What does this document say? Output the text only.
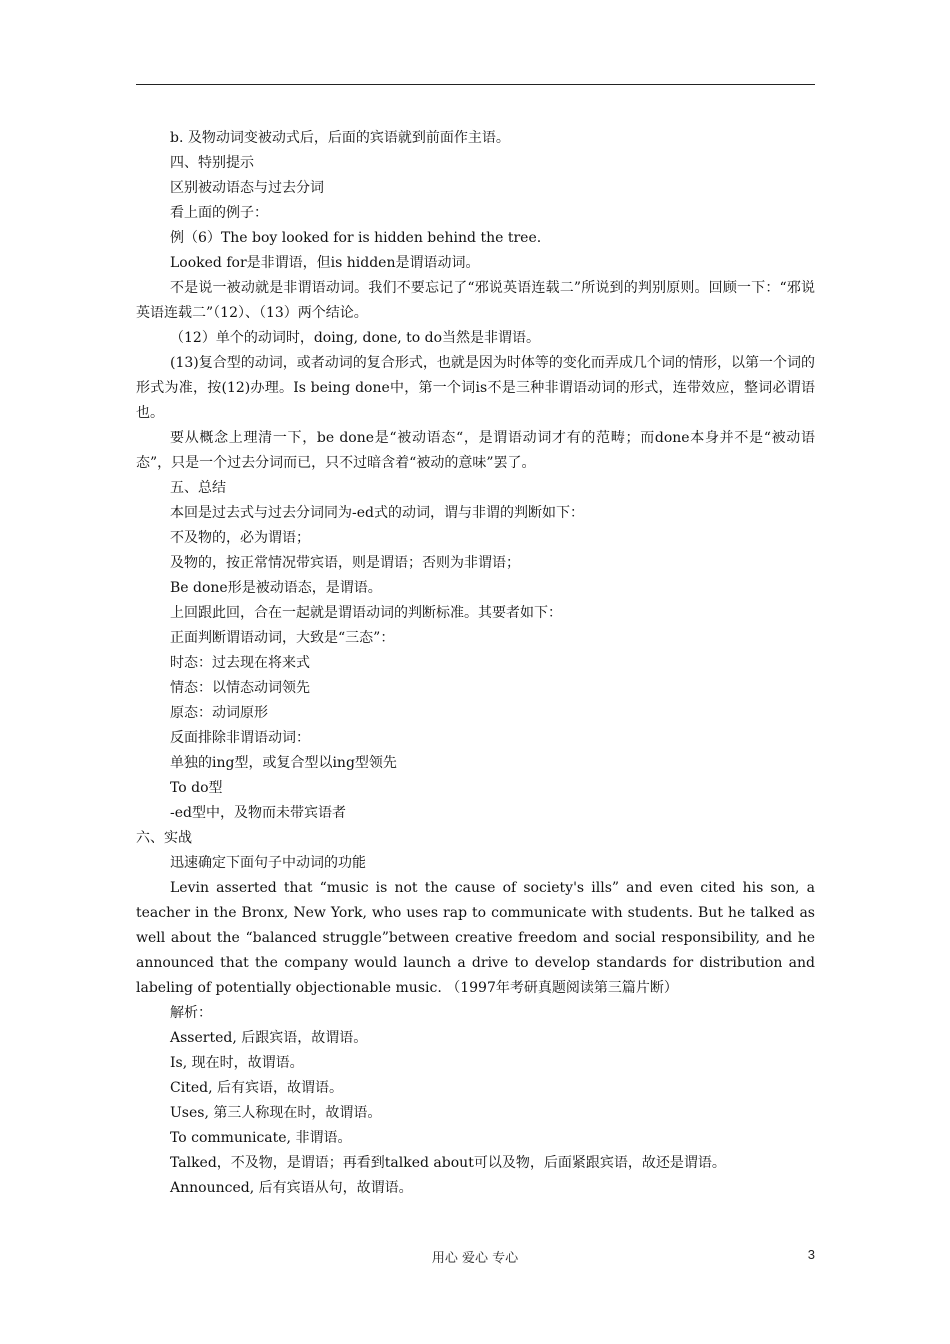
b. 及物动词变被动式后，后面的宾语就到前面作主语。

四、特别提示

区别被动语态与过去分词

看上面的例子：

例（6）The boy looked for is hidden behind the tree.

Looked for是非谓语，但is hidden是谓语动词。

不是说一被动就是非谓语动词。我们不要忘记了“邪说英语连载二”所说到的判别原则。回顾一下：“邪说英语连载二”（12）、（13）两个结论。

（12）单个的动词时，doing, done, to do当然是非谓语。

(13)复合型的动词，或者动词的复合形式，也就是因为时体等的变化而弄成几个词的情形，以第一个词的形式为准，按(12)办理。Is being done中，第一个词is不是三种非谓语动词的形式，连带效应，整词必谓语也。

要从概念上理清一下，be done是“被动语态“，是谓语动词才有的范畴；而done本身并不是“被动语态”，只是一个过去分词而已，只不过暗含着“被动的意味”罢了。

五、总结

本回是过去式与过去分词同为-ed式的动词，谓与非谓的判断如下：

不及物的，必为谓语；

及物的，按正常情况带宾语，则是谓语；否则为非谓语；

Be done形是被动语态，是谓语。

上回跟此回，合在一起就是谓语动词的判断标准。其要者如下：

正面判断谓语动词，大致是“三态”：

时态：过去现在将来式

情态：以情态动词领先

原态：动词原形

反面排除非谓语动词：

单独的ing型，或复合型以ing型领先

To do型

-ed型中，及物而未带宾语者

六、实战

迅速确定下面句子中动词的功能

Levin asserted that “music is not the cause of society's ills” and even cited his son, a teacher in the Bronx, New York, who uses rap to communicate with students. But he talked as well about the “balanced struggle”between creative freedom and social responsibility, and he announced that the company would launch a drive to develop standards for distribution and labeling of potentially objectionable music. （1997年考研真题阅读第三篇片断）

解析：

Asserted, 后跟宾语，故谓语。

Is, 现在时，故谓语。

Cited, 后有宾语，故谓语。

Uses, 第三人称现在时，故谓语。

To communicate, 非谓语。

Talked，不及物，是谓语；再看到talked about可以及物，后面紧跟宾语，故还是谓语。

Announced, 后有宾语从句，故谓语。

用心 爱心 专心	3
